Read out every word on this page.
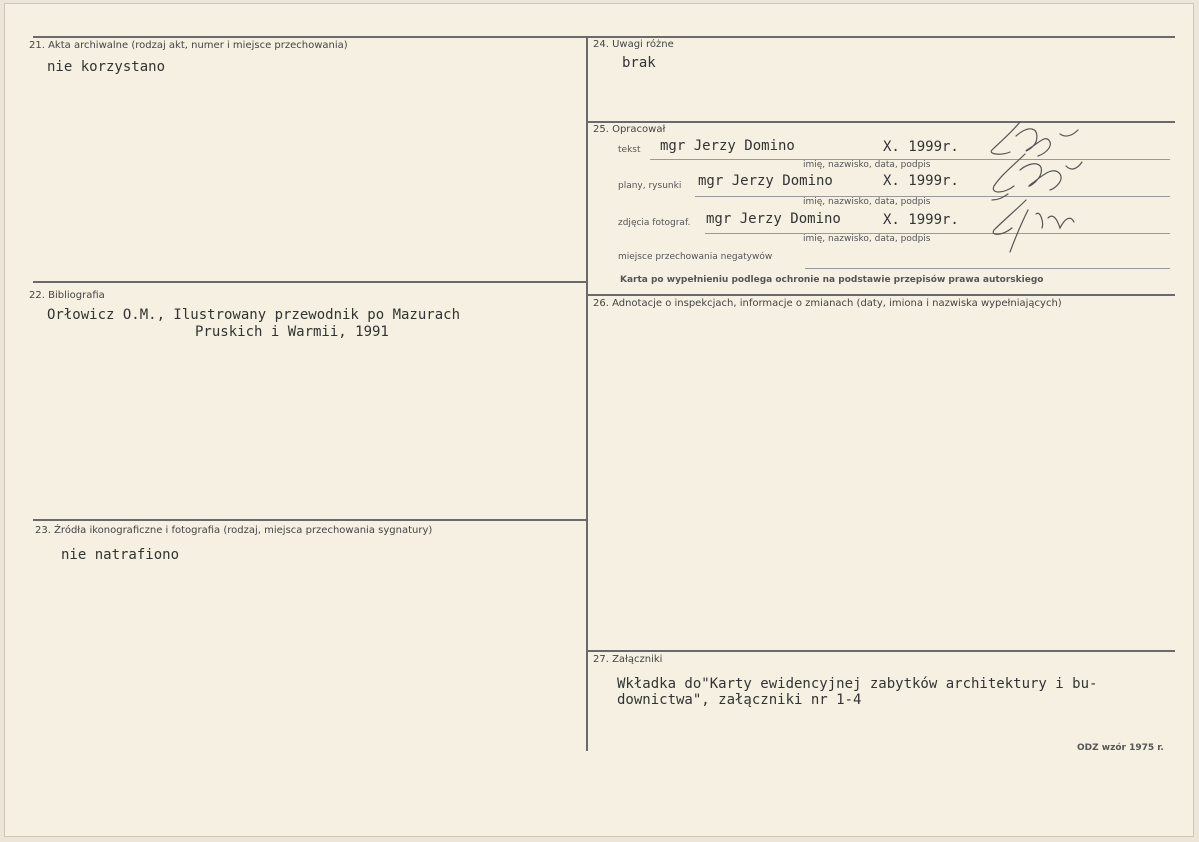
21. Akta archiwalne (rodzaj akt, numer i miejsce przechowania)
nie korzystano
22. Bibliografia
Orłowicz O.M., Ilustrowany przewodnik po Mazurach
Pruskich i Warmii, 1991
23. Źródła ikonograficzne i fotografia (rodzaj, miejsca przechowania sygnatury)
nie natrafiono
24. Uwagi różne
brak
25. Opracował
tekst mgr Jerzy Domino	X. 1999r.
imię, nazwisko, data, podpis
plany, rysunki mgr Jerzy Domino	X. 1999r.
imię, nazwisko, data, podpis
zdjęcia fotograf. mgr Jerzy Domino	X. 1999r.
imię, nazwisko, data, podpis
miejsce przechowania negatywów
Karta po wypełnieniu podlega ochronie na podstawie przepisów prawa autorskiego
26. Adnotacje o inspekcjach, informacje o zmianach (daty, imiona i nazwiska wypełniających)
27. Załączniki
Wkładka do"Karty ewidencyjnej zabytków architektury i bu-
downictwa", załączniki nr 1-4
ODZ wzór 1975 r.
